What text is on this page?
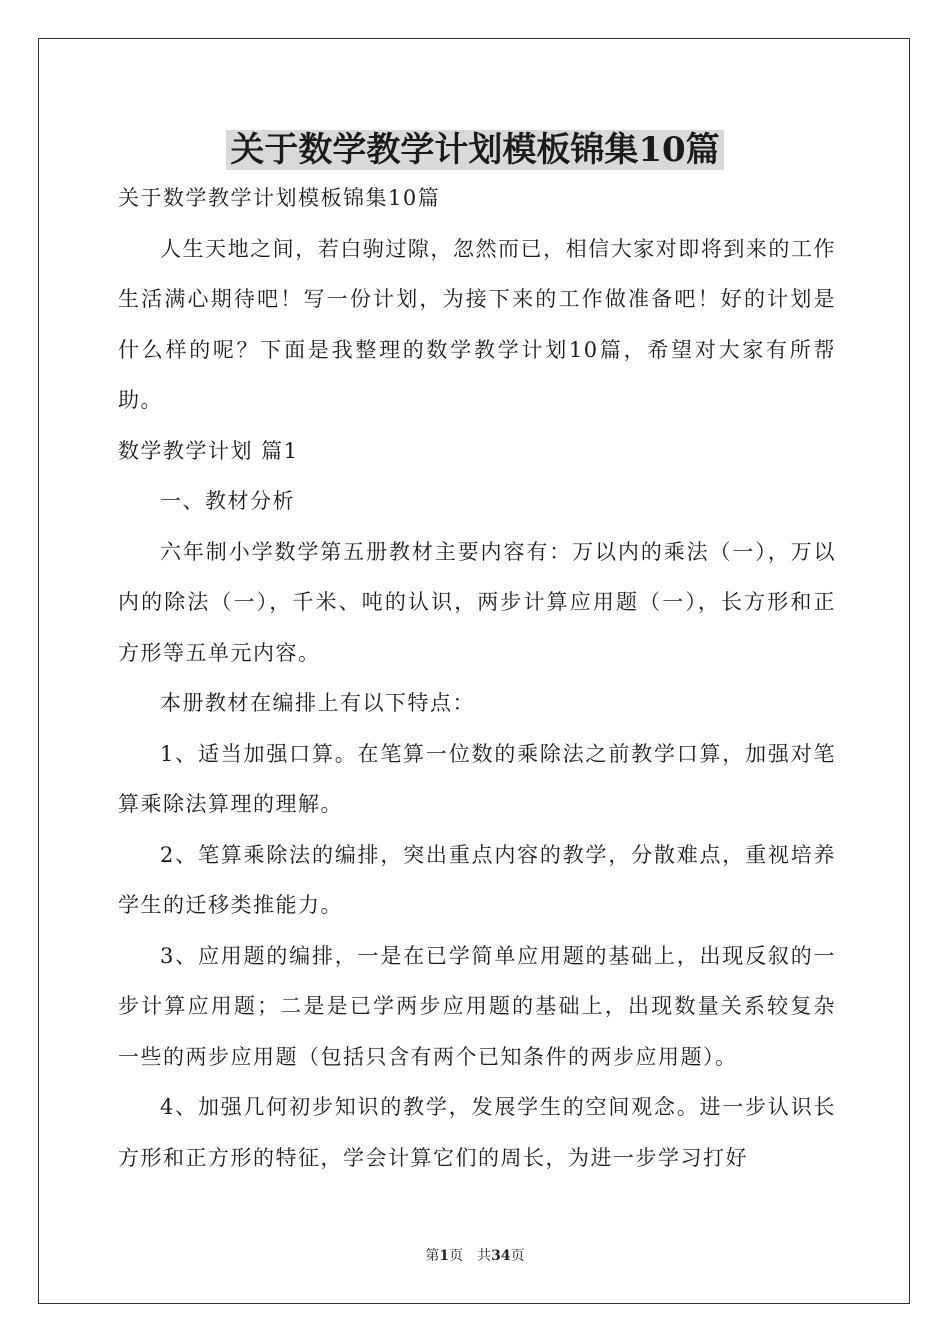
关于数学教学计划模板锦集10篇

关于数学教学计划模板锦集10篇

人生天地之间，若白驹过隙，忽然而已，相信大家对即将到来的工作生活满心期待吧！写一份计划，为接下来的工作做准备吧！好的计划是什么样的呢？下面是我整理的数学教学计划10篇，希望对大家有所帮助。

数学教学计划 篇1

一、教材分析

六年制小学数学第五册教材主要内容有：万以内的乘法（一），万以内的除法（一），千米、吨的认识，两步计算应用题（一），长方形和正方形等五单元内容。

本册教材在编排上有以下特点：

1、适当加强口算。在笔算一位数的乘除法之前教学口算，加强对笔算乘除法算理的理解。

2、笔算乘除法的编排，突出重点内容的教学，分散难点，重视培养学生的迁移类推能力。

3、应用题的编排，一是在已学简单应用题的基础上，出现反叙的一步计算应用题；二是是已学两步应用题的基础上，出现数量关系较复杂一些的两步应用题（包括只含有两个已知条件的两步应用题）。

4、加强几何初步知识的教学，发展学生的空间观念。进一步认识长方形和正方形的特征，学会计算它们的周长，为进一步学习打好

第1页 共34页
